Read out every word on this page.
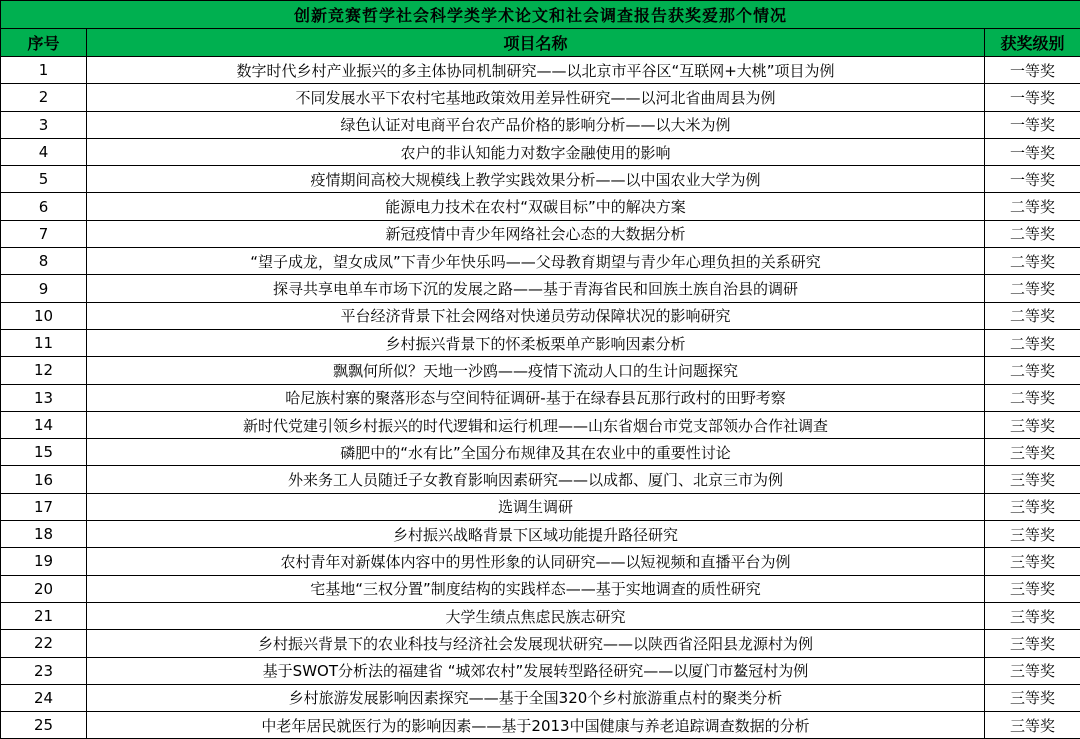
创新竞赛哲学社会科学类学术论文和社会调查报告获奖爱那个情况		
序号	项目名称	获奖级别
1	数字时代乡村产业振兴的多主体协同机制研究——以北京市平谷区“互联网+大桃”项目为例	一等奖
2	不同发展水平下农村宅基地政策效用差异性研究——以河北省曲周县为例	一等奖
3	绿色认证对电商平台农产品价格的影响分析——以大米为例	一等奖
4	农户的非认知能力对数字金融使用的影响	一等奖
5	疫情期间高校大规模线上教学实践效果分析——以中国农业大学为例	一等奖
6	能源电力技术在农村“双碳目标”中的解决方案	二等奖
7	新冠疫情中青少年网络社会心态的大数据分析	二等奖
8	“望子成龙，望女成凤”下青少年快乐吗——父母教育期望与青少年心理负担的关系研究	二等奖
9	探寻共享电单车市场下沉的发展之路——基于青海省民和回族土族自治县的调研	二等奖
10	平台经济背景下社会网络对快递员劳动保障状况的影响研究	二等奖
11	乡村振兴背景下的怀柔板栗单产影响因素分析	二等奖
12	飘飘何所似？天地一沙鸥——疫情下流动人口的生计问题探究	二等奖
13	哈尼族村寨的聚落形态与空间特征调研-基于在绿春县瓦那行政村的田野考察	二等奖
14	新时代党建引领乡村振兴的时代逻辑和运行机理——山东省烟台市党支部领办合作社调查	三等奖
15	磷肥中的“水有比”全国分布规律及其在农业中的重要性讨论	三等奖
16	外来务工人员随迁子女教育影响因素研究——以成都、厦门、北京三市为例	三等奖
17	选调生调研	三等奖
18	乡村振兴战略背景下区域功能提升路径研究	三等奖
19	农村青年对新媒体内容中的男性形象的认同研究——以短视频和直播平台为例	三等奖
20	宅基地“三权分置”制度结构的实践样态——基于实地调查的质性研究	三等奖
21	大学生绩点焦虑民族志研究	三等奖
22	乡村振兴背景下的农业科技与经济社会发展现状研究——以陕西省泾阳县龙源村为例	三等奖
23	基于SWOT分析法的福建省 “城郊农村”发展转型路径研究——以厦门市鳌冠村为例	三等奖
24	乡村旅游发展影响因素探究——基于全国320个乡村旅游重点村的聚类分析	三等奖
25	中老年居民就医行为的影响因素——基于2013中国健康与养老追踪调查数据的分析	三等奖
